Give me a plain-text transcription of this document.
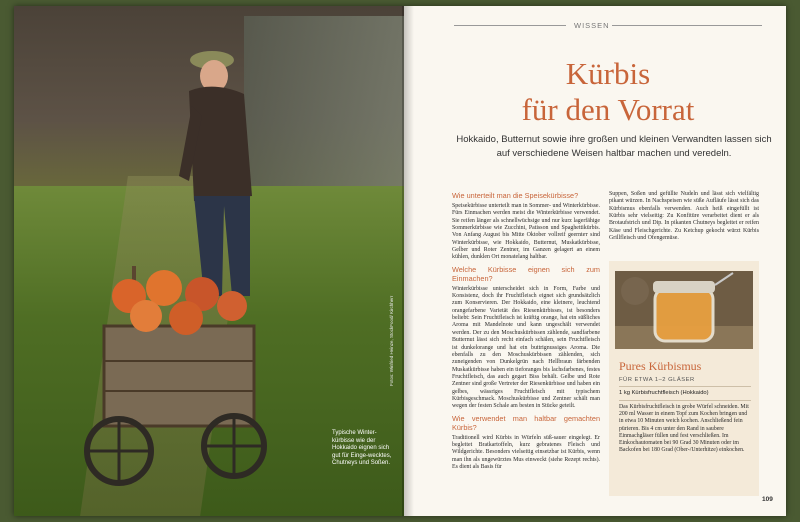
Typische Winter-kürbisse wie der Hokkaido eignen sich gut für Einge-wecktes, Chutneys und Soßen.
Fotos: Winfried Heinze, StockFood/ Kirchherr
WISSEN
Kürbis
für den Vorrat
Hokkaido, Butternut sowie ihre großen und kleinen Verwandten lassen sich auf verschiedene Weisen haltbar machen und veredeln.

Wie unterteilt man die Speisekürbisse?

Speisekürbisse unterteilt man in Sommer- und Winterkürbisse. Fürs Einmachen werden meist die Winterkürbisse verwendet. Sie reifen länger als schnellwüchsige und nur kurz lagerfähige Sommerkürbisse wie Zucchini, Patisson und Spaghettikürbis. Von Anfang August bis Mitte Oktober vollreif geernteт sind Winterkürbisse, wie Hokkaido, Butternut, Muskatkürbisse, Gelber und Roter Zentner, im Ganzen gelagert an einem kühlen, dunklen Ort monatelang haltbar.

Welche Kürbisse eignen sich zum Einmachen?

Winterkürbisse unterscheidet sich in Form, Farbe und Konsistenz, doch ihr Fruchtfleisch eignet sich grundsätzlich zum Konservieren. Der Hokkaido, eine kleinere, leuchtend orangefarbene Varietät des Riesenkürbisses, ist besonders beliebt: Sein Fruchtfleisch ist kräftig orange, hat ein süßliches Aroma mit Mandelnote und kann ungeschält verwendet werden. Der zu den Moschuskürbissen zählende, sandfarbene Butternut lässt sich recht einfach schälen, sein Fruchtfleisch ist dunkelorange und hat ein buttrignussiges Aroma. Die ebenfalls zu den Moschuskürbissen zählenden, sich zuneigenden von Dunkelgrün nach Hellbraun färbenden Muskatkürbisse haben ein tieforanges bis lachsfarbenes, festes Fruchtfleisch, das auch gegart Biss behält. Gelbe und Rote Zentner sind große Vertreter der Riesenkürbisse und haben ein gelbes, wässriges Fruchtfleisch mit typischem Kürbisgeschmack. Moschuskürbisse und Zentner schält man wegen der festen Schale am besten in Stücke geteilt.

Wie verwendet man haltbar gemachten Kürbis?

Traditionell wird Kürbis in Würfeln süß-sauer eingelegt. Er begleitet Bratkartoffeln, kurz gebratenes Fleisch und Wildgerichte. Besonders vielseitig einsetzbar ist Kürbis, wenn man ihn als ungewürztes Mus einweckt (siehe Rezept rechts). Es dient als Basis für

Suppen, Soßen und gefüllte Nudeln und lässt sich vielfältig pikant würzen. In Nachspeisen wie süße Aufläufe lässt sich das Kürbismus ebenfalls verwenden. Auch heiß eingefüllt ist Kürbis sehr vielseitig: Zu Konfitüre verarbeitet dient er als Brotaufstrich und Dip. In pikanten Chutneys begleitet er reifen Käse und Fleischgerichte. Zu Ketchup gekocht würzt Kürbis Grillfleisch und Ofengemüse.

Pures Kürbismus
FÜR ETWA 1–2 GLÄSER
1 kg Kürbisfruchtfleisch (Hokkaido)
Das Kürbisfruchtfleisch in grobe Würfel schneiden. Mit 200 ml Wasser in einem Topf zum Kochen bringen und in etwa 10 Minuten weich kochen. Anschließend fein pürieren. Bis 4 cm unter den Rand in saubere Einmachgläser füllen und fest verschließen. Im Einkochautomaten bei 90 Grad 30 Minuten oder im Backofen bei 180 Grad (Ober-/Unterhitze) einkochen.
109
